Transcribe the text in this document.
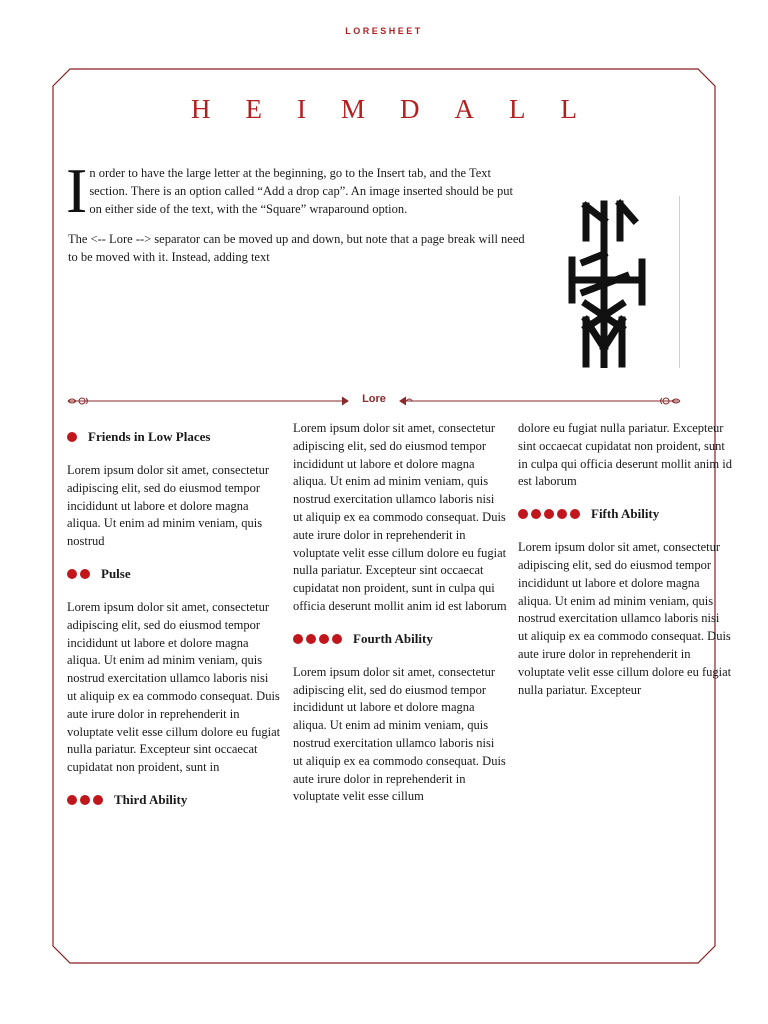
LORESHEET
HEIMDALL
I n order to have the large letter at the beginning, go to the Insert tab, and the Text section. There is an option called “Add a drop cap”. An image inserted should be put on either side of the text, with the “Square” wraparound option.
The <-- Lore --> separator can be moved up and down, but note that a page break will need to be moved with it. Instead, adding text
Lore
Friends in Low Places
Lorem ipsum dolor sit amet, consectetur adipiscing elit, sed do eiusmod tempor incididunt ut labore et dolore magna aliqua. Ut enim ad minim veniam, quis nostrud
Pulse
Lorem ipsum dolor sit amet, consectetur adipiscing elit, sed do eiusmod tempor incididunt ut labore et dolore magna aliqua. Ut enim ad minim veniam, quis nostrud exercitation ullamco laboris nisi ut aliquip ex ea commodo consequat. Duis aute irure dolor in reprehenderit in voluptate velit esse cillum dolore eu fugiat nulla pariatur. Excepteur sint occaecat cupidatat non proident, sunt in
Third Ability
Lorem ipsum dolor sit amet, consectetur adipiscing elit, sed do eiusmod tempor incididunt ut labore et dolore magna aliqua. Ut enim ad minim veniam, quis nostrud exercitation ullamco laboris nisi ut aliquip ex ea commodo consequat. Duis aute irure dolor in reprehenderit in voluptate velit esse cillum dolore eu fugiat nulla pariatur. Excepteur sint occaecat cupidatat non proident, sunt in culpa qui officia deserunt mollit anim id est laborum
Fourth Ability
Lorem ipsum dolor sit amet, consectetur adipiscing elit, sed do eiusmod tempor incididunt ut labore et dolore magna aliqua. Ut enim ad minim veniam, quis nostrud exercitation ullamco laboris nisi ut aliquip ex ea commodo consequat. Duis aute irure dolor in reprehenderit in voluptate velit esse cillum
dolore eu fugiat nulla pariatur. Excepteur sint occaecat cupidatat non proident, sunt in culpa qui officia deserunt mollit anim id est laborum
Fifth Ability
Lorem ipsum dolor sit amet, consectetur adipiscing elit, sed do eiusmod tempor incididunt ut labore et dolore magna aliqua. Ut enim ad minim veniam, quis nostrud exercitation ullamco laboris nisi ut aliquip ex ea commodo consequat. Duis aute irure dolor in reprehenderit in voluptate velit esse cillum dolore eu fugiat nulla pariatur. Excepteur
